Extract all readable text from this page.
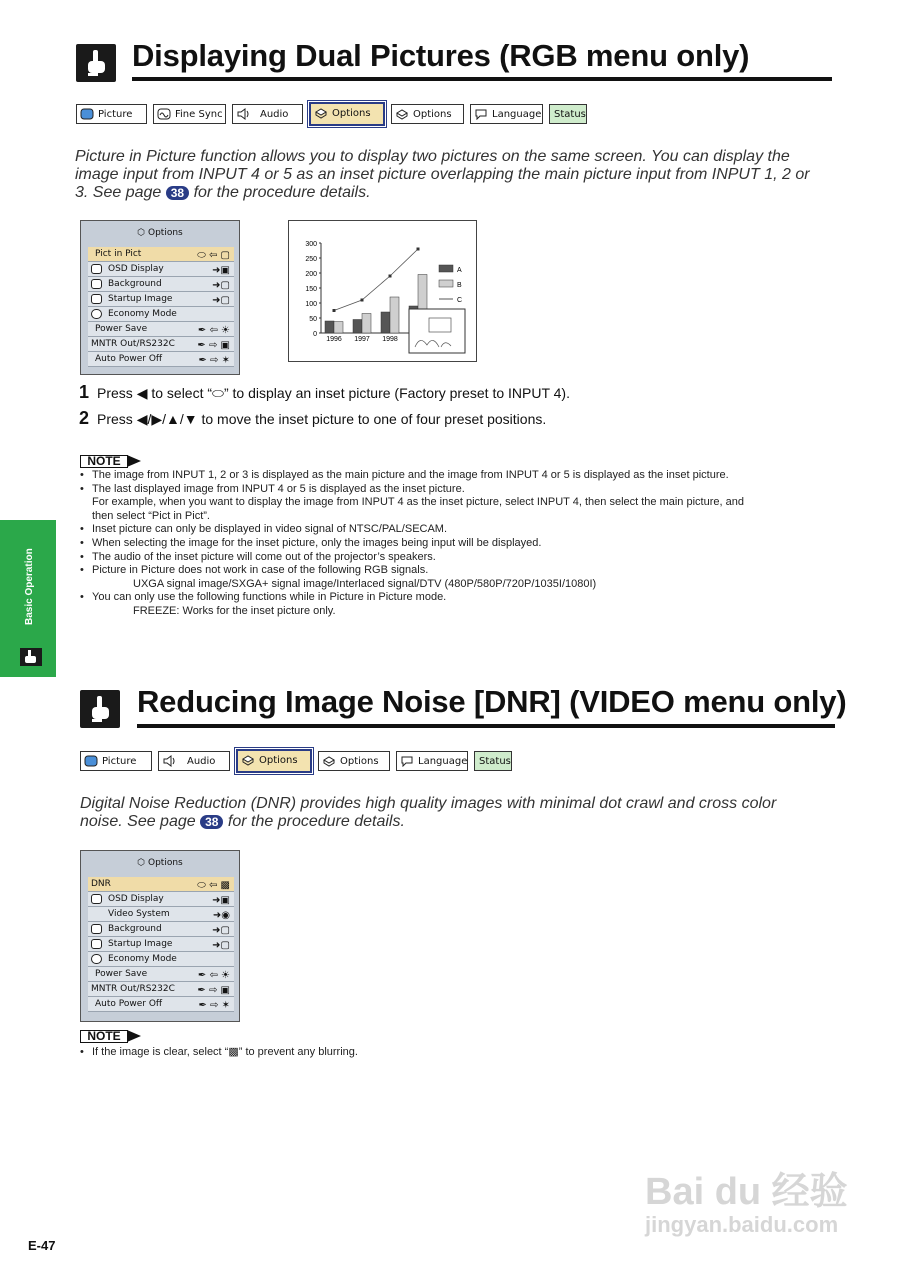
Displaying Dual Pictures (RGB menu only)
Picture	Fine Sync	Audio	Options	Options	Language Status
Picture in Picture function allows you to display two pictures on the same screen. You can display the
image input from INPUT 4 or 5 as an inset picture overlapping the main picture input from INPUT 1, 2 or
3. See page 38 for the procedure details.
⬡ Options
Pict in Pict	⬭ ⇦ ▢
OSD Display	➜▣
Background	➜▢
Startup Image	➜▢
Economy Mode
Power Save	✒ ⇦ ☀
MNTR Out/RS232C ✒ ⇨ ▣
Auto Power Off	✒ ⇨ ✶
300
250
200
150
100
50
0
1996 1997 1998
A
B
C
1 Press ◀ to select “⬭” to display an inset picture (Factory preset to INPUT 4).
2 Press ◀/▶/▲/▼ to move the inset picture to one of four preset positions.
NOTE
• The image from INPUT 1, 2 or 3 is displayed as the main picture and the image from INPUT 4 or 5 is displayed as the inset picture.
• The last displayed image from INPUT 4 or 5 is displayed as the inset picture.
For example, when you want to display the image from INPUT 4 as the inset picture, select INPUT 4, then select the main picture, and
then select “Pict in Pict”.
• Inset picture can only be displayed in video signal of NTSC/PAL/SECAM.
• When selecting the image for the inset picture, only the images being input will be displayed.
• The audio of the inset picture will come out of the projector’s speakers.
• Picture in Picture does not work in case of the following RGB signals.
UXGA signal image/SXGA+ signal image/Interlaced signal/DTV (480P/580P/720P/1035I/1080I)
• You can only use the following functions while in Picture in Picture mode.
FREEZE: Works for the inset picture only.
Basic Operation
Reducing Image Noise [DNR] (VIDEO menu only)
Picture	Audio	Options	Options	Language Status
Digital Noise Reduction (DNR) provides high quality images with minimal dot crawl and cross color
noise. See page 38 for the procedure details.
⬡ Options
DNR	⬭ ⇦ ▩
OSD Display	➜▣
Video System	➜◉
Background	➜▢
Startup Image	➜▢
Economy Mode
Power Save	✒ ⇦ ☀
MNTR Out/RS232C ✒ ⇨ ▣
Auto Power Off	✒ ⇨ ✶
NOTE
• If the image is clear, select “▩” to prevent any blurring.
E-47
Bai du 经验
jingyan.baidu.com
